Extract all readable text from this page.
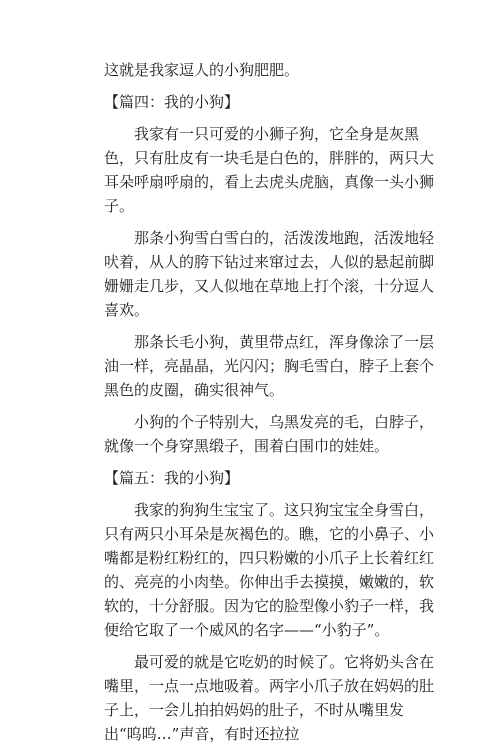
这就是我家逗人的小狗肥肥。

【篇四：我的小狗】

我家有一只可爱的小狮子狗，它全身是灰黑色，只有肚皮有一块毛是白色的，胖胖的，两只大耳朵呼扇呼扇的，看上去虎头虎脑，真像一头小狮子。

那条小狗雪白雪白的，活泼泼地跑，活泼地轻吠着，从人的胯下钻过来窜过去，人似的悬起前脚姗姗走几步，又人似地在草地上打个滚，十分逗人喜欢。

那条长毛小狗，黄里带点红，浑身像涂了一层油一样，亮晶晶，光闪闪；胸毛雪白，脖子上套个黑色的皮圈，确实很神气。

小狗的个子特别大，乌黑发亮的毛，白脖子，就像一个身穿黑缎子，围着白围巾的娃娃。

【篇五：我的小狗】

我家的狗狗生宝宝了。这只狗宝宝全身雪白，只有两只小耳朵是灰褐色的。瞧，它的小鼻子、小嘴都是粉红粉红的，四只粉嫩的小爪子上长着红红的、亮亮的小肉垫。你伸出手去摸摸，嫩嫩的，软软的，十分舒服。因为它的脸型像小豹子一样，我便给它取了一个威风的名字——“小豹子”。

最可爱的就是它吃奶的时候了。它将奶头含在嘴里，一点一点地吸着。两字小爪子放在妈妈的肚子上，一会儿拍拍妈妈的肚子，不时从嘴里发出“呜呜…”声音，有时还拉拉
